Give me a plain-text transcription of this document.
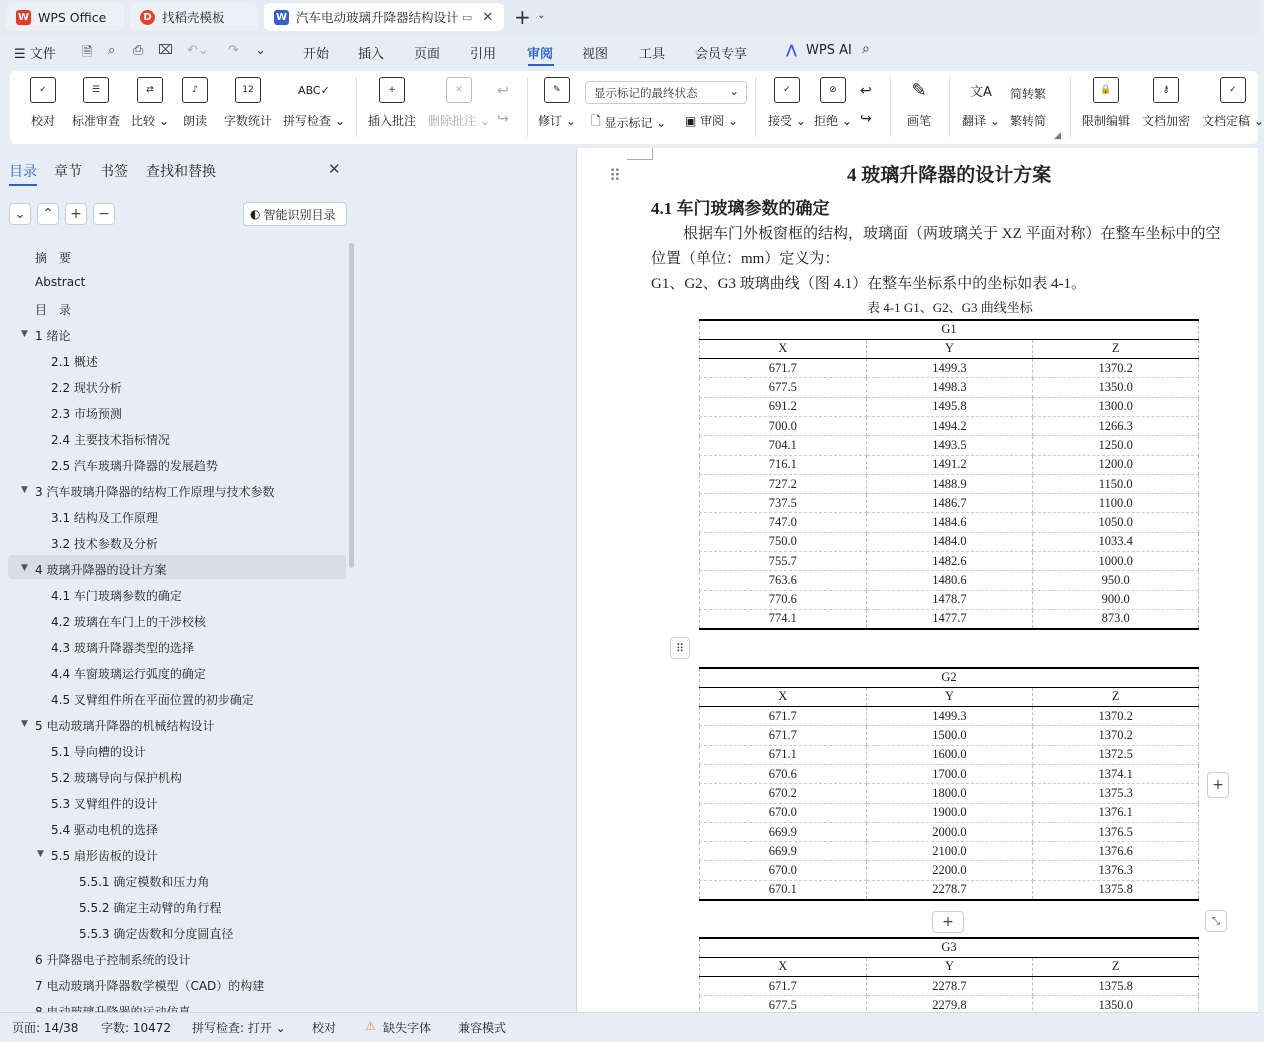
W WPS Office	D 找稻壳模板	W 汽车电动玻璃升降器结构设计 ▭ ✕ + ⌄
☰ 文件 🗎 ⌕ ⎙ ⌧ ↶⌄ ↷ ⌄	开始 插入 页面 引用 审阅 视图 工具 会员专享	⋀ WPS AI ⌕
✓
校对
☰
标准审查
⇄
比较 ⌄
♪
朗读
12
字数统计
ABC✓
拼写检查 ⌄
+
插入批注
✕
删除批注 ⌄
↩
↪
✎
修订 ⌄
显示标记的最终状态	⌄
🗋 显示标记 ⌄ ▣ 审阅 ⌄
✓
接受 ⌄
⊘
拒绝 ⌄
↩
↪
✎
画笔
文A
翻译 ⌄
简转繁
繁转简
🔒
限制编辑
⚷
文档加密
✓
文档定稿 ⌄
◢
目录 章节 书签 查找和替换	✕
⌄ ⌃ + −	◐ 智能识别目录
摘　要
Abstract
目　录
1 绪论
▼
2.1 概述
2.2 现状分析
2.3 市场预测
2.4 主要技术指标情况
2.5 汽车玻璃升降器的发展趋势
3 汽车玻璃升降器的结构工作原理与技术参数
▼
3.1 结构及工作原理
3.2 技术参数及分析
4 玻璃升降器的设计方案
▼
4.1 车门玻璃参数的确定
4.2 玻璃在车门上的干涉校核
4.3 玻璃升降器类型的选择
4.4 车窗玻璃运行弧度的确定
4.5 叉臂组件所在平面位置的初步确定
5 电动玻璃升降器的机械结构设计
▼
5.1 导向槽的设计
5.2 玻璃导向与保护机构
5.3 叉臂组件的设计
5.4 驱动电机的选择
5.5 扇形齿板的设计
▼
5.5.1 确定模数和压力角
5.5.2 确定主动臂的角行程
5.5.3 确定齿数和分度圆直径
6 升降器电子控制系统的设计
7 电动玻璃升降器数学模型（CAD）的构建
⠿	4 玻璃升降器的设计方案
4.1 车门玻璃参数的确定
根据车门外板窗框的结构，玻璃面（两玻璃关于 XZ 平面对称）在整车坐标中的空
位置（单位：mm）定义为：
G1、G2、G3 玻璃曲线（图 4.1）在整车坐标系中的坐标如表 4-1。
表 4-1 G1、G2、G3 曲线坐标
G1		
X	Y	Z
671.7	1499.3	1370.2
677.5	1498.3	1350.0
691.2	1495.8	1300.0
700.0	1494.2	1266.3
704.1	1493.5	1250.0
716.1	1491.2	1200.0
727.2	1488.9	1150.0
737.5	1486.7	1100.0
747.0	1484.6	1050.0
750.0	1484.0	1033.4
755.7	1482.6	1000.0
763.6	1480.6	950.0
770.6	1478.7	900.0
774.1	1477.7	873.0
G2		
X	Y	Z
671.7	1499.3	1370.2
671.7	1500.0	1370.2
671.1	1600.0	1372.5
670.6	1700.0	1374.1
670.2	1800.0	1375.3
670.0	1900.0	1376.1
669.9	2000.0	1376.5
669.9	2100.0	1376.6
670.0	2200.0	1376.3
670.1	2278.7	1375.8
G3		
X	Y	Z
671.7	2278.7	1375.8
677.5	2279.8	1350.0
⠿
+
+	⤡
页面: 14/38 字数: 10472 拼写检查: 打开 ⌄ 校对 ⚠ 缺失字体 兼容模式
